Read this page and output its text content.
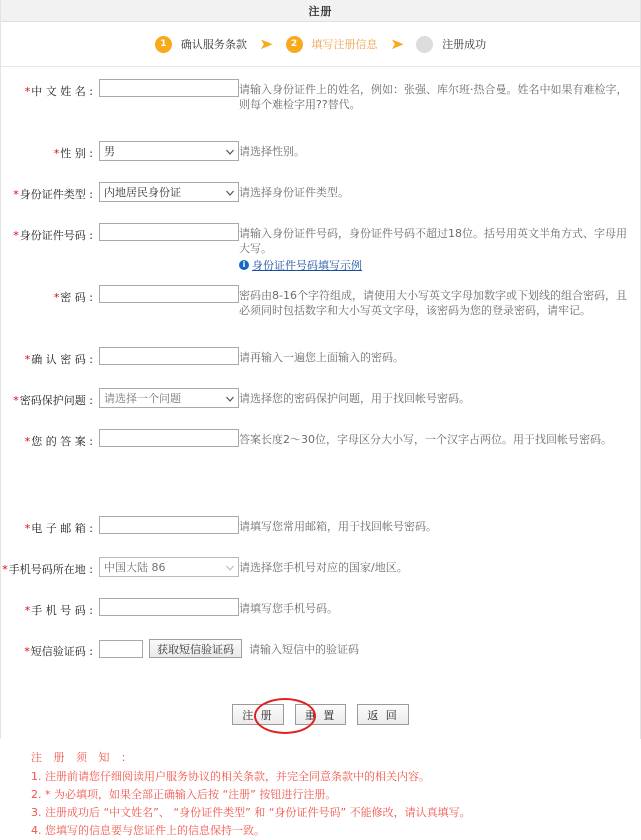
注册
1	确认服务条款 ➤	2	填写注册信息 ➤	3	注册成功
*中 文 姓 名 :	请输入身份证件上的姓名，例如：张强、库尔班·热合曼。姓名中如果有难检字，则每个难检字用??替代。
*性 别 : 男	请选择性别。
*身份证件类型 : 内地居民身份证	请选择身份证件类型。
*身份证件号码 :	请输入身份证件号码，身份证件号码不超过18位。括号用英文半角方式、字母用大写。

i 身份证件号码填写示例
*密 码 :	密码由8-16个字符组成，请使用大小写英文字母加数字或下划线的组合密码，且必须同时包括数字和大小写英文字母，该密码为您的登录密码，请牢记。
*确 认 密 码 :	请再输入一遍您上面输入的密码。
*密码保护问题 : 请选择一个问题	请选择您的密码保护问题，用于找回帐号密码。
*您 的 答 案 :	答案长度2～30位，字母区分大小写，一个汉字占两位。用于找回帐号密码。
*电 子 邮 箱 :	请填写您常用邮箱，用于找回帐号密码。
*手机号码所在地 : 中国大陆 86	请选择您手机号对应的国家/地区。
*手 机 号 码 :	请填写您手机号码。
*短信验证码 :	获取短信验证码	请输入短信中的验证码
注 册	重 置	返 回
注 册 须 知 ：
1. 注册前请您仔细阅读用户服务协议的相关条款，并完全同意条款中的相关内容。
2. * 为必填项，如果全部正确输入后按 “注册” 按钮进行注册。
3. 注册成功后 “中文姓名”、 “身份证件类型” 和 “身份证件号码” 不能修改，请认真填写。
4. 您填写的信息要与您证件上的信息保持一致。
